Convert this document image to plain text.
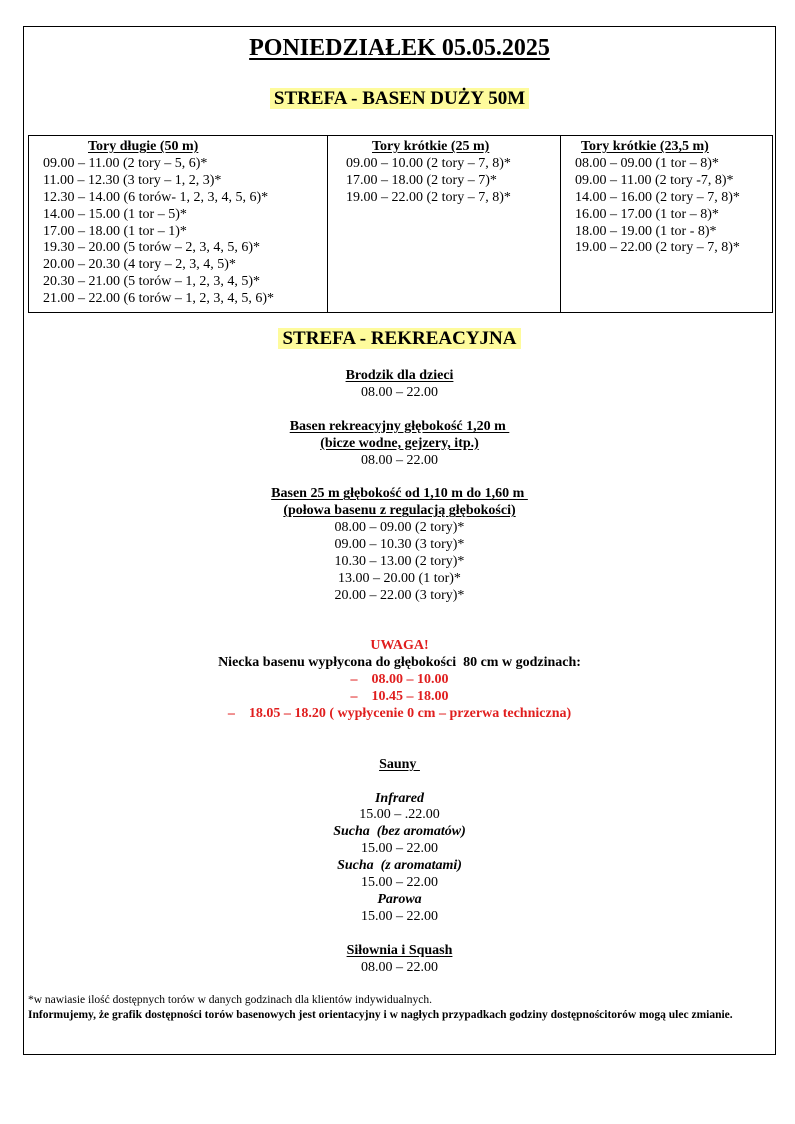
PONIEDZIAŁEK 05.05.2025
STREFA - BASEN DUŻY 50M
Tory długie (50 m)
09.00 – 11.00 (2 tory – 5, 6)*
11.00 – 12.30 (3 tory – 1, 2, 3)*
12.30 – 14.00 (6 torów- 1, 2, 3, 4, 5, 6)*
14.00 – 15.00 (1 tor – 5)*
17.00 – 18.00 (1 tor – 1)*
19.30 – 20.00 (5 torów – 2, 3, 4, 5, 6)*
20.00 – 20.30 (4 tory – 2, 3, 4, 5)*
20.30 – 21.00 (5 torów – 1, 2, 3, 4, 5)*
21.00 – 22.00 (6 torów – 1, 2, 3, 4, 5, 6)*
Tory krótkie (25 m)
09.00 – 10.00 (2 tory – 7, 8)*
17.00 – 18.00 (2 tory – 7)*
19.00 – 22.00 (2 tory – 7, 8)*
Tory krótkie (23,5 m)
08.00 – 09.00 (1 tor – 8)*
09.00 – 11.00 (2 tory -7, 8)*
14.00 – 16.00 (2 tory – 7, 8)*
16.00 – 17.00 (1 tor – 8)*
18.00 – 19.00 (1 tor - 8)*
19.00 – 22.00 (2 tory – 7, 8)*
STREFA - REKREACYJNA
Brodzik dla dzieci
08.00 – 22.00
Basen rekreacyjny głębokość 1,20 m
(bicze wodne, gejzery, itp.)
08.00 – 22.00
Basen 25 m głębokość od 1,10 m do 1,60 m
(połowa basenu z regulacją głębokości)
08.00 – 09.00 (2 tory)*
09.00 – 10.30 (3 tory)*
10.30 – 13.00 (2 tory)*
13.00 – 20.00 (1 tor)*
20.00 – 22.00 (3 tory)*
UWAGA!
Niecka basenu wypłycona do głębokości  80 cm w godzinach:
–    08.00 – 10.00
–    10.45 – 18.00
–    18.05 – 18.20 ( wypłycenie 0 cm – przerwa techniczna)
Sauny
Infrared
15.00 – .22.00
Sucha  (bez aromatów)
15.00 – 22.00
Sucha  (z aromatami)
15.00 – 22.00
Parowa
15.00 – 22.00
Siłownia i Squash
08.00 – 22.00
*w nawiasie ilość dostępnych torów w danych godzinach dla klientów indywidualnych.
Informujemy, że grafik dostępności torów basenowych jest orientacyjny i w nagłych przypadkach godziny dostępnościtorów mogą ulec zmianie.
